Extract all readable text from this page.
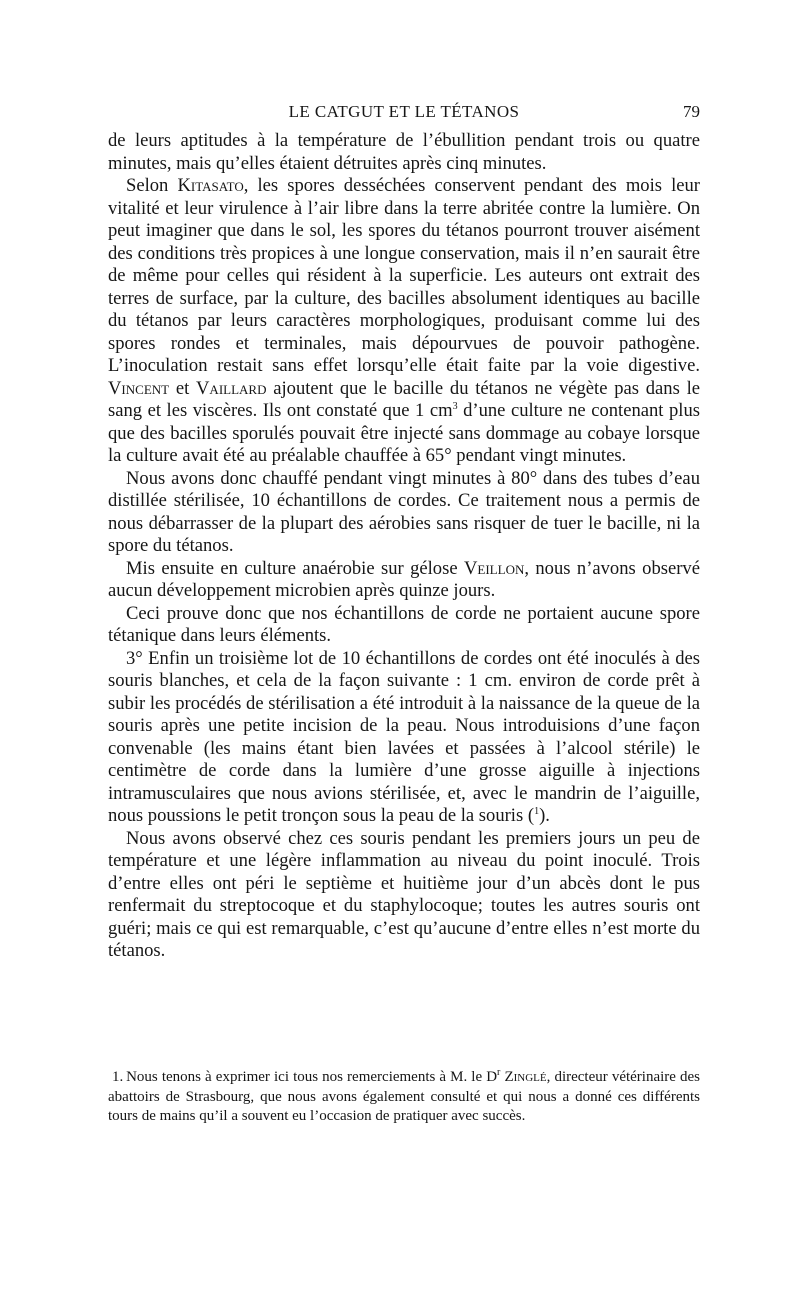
LE CATGUT ET LE TÉTANOS	79

de leurs aptitudes à la température de l’ébullition pendant trois ou quatre minutes, mais qu’elles étaient détruites après cinq minutes.

Selon Kitasato, les spores desséchées conservent pendant des mois leur vitalité et leur virulence à l’air libre dans la terre abritée contre la lumière. On peut imaginer que dans le sol, les spores du tétanos pourront trouver aisément des conditions très propices à une longue conservation, mais il n’en saurait être de même pour celles qui résident à la superficie. Les auteurs ont extrait des terres de surface, par la culture, des bacilles absolument identiques au bacille du tétanos par leurs caractères morphologiques, produisant comme lui des spores rondes et terminales, mais dépourvues de pouvoir pathogène. L’inoculation restait sans effet lorsqu’elle était faite par la voie digestive. Vincent et Vaillard ajoutent que le bacille du tétanos ne végète pas dans le sang et les viscères. Ils ont constaté que 1 $cm^3$ d’une culture ne contenant plus que des bacilles sporulés pouvait être injecté sans dommage au cobaye lorsque la culture avait été au préalable chauffée à 65° pendant vingt minutes.

Nous avons donc chauffé pendant vingt minutes à 80° dans des tubes d’eau distillée stérilisée, 10 échantillons de cordes. Ce traitement nous a permis de nous débarrasser de la plupart des aérobies sans risquer de tuer le bacille, ni la spore du tétanos.

Mis ensuite en culture anaérobie sur gélose Veillon, nous n’avons observé aucun développement microbien après quinze jours.

Ceci prouve donc que nos échantillons de corde ne portaient aucune spore tétanique dans leurs éléments.

3° Enfin un troisième lot de 10 échantillons de cordes ont été inoculés à des souris blanches, et cela de la façon suivante : 1 cm. environ de corde prêt à subir les procédés de stérilisation a été introduit à la naissance de la queue de la souris après une petite incision de la peau. Nous introduisions d’une façon convenable (les mains étant bien lavées et passées à l’alcool stérile) le centimètre de corde dans la lumière d’une grosse aiguille à injections intramusculaires que nous avions stérilisée, et, avec le mandrin de l’aiguille, nous poussions le petit tronçon sous la peau de la souris ($^1$).

Nous avons observé chez ces souris pendant les premiers jours un peu de température et une légère inflammation au niveau du point inoculé. Trois d’entre elles ont péri le septième et huitième jour d’un abcès dont le pus renfermait du streptocoque et du staphylocoque; toutes les autres souris ont guéri; mais ce qui est remarquable, c’est qu’aucune d’entre elles n’est morte du tétanos.

1. Nous tenons à exprimer ici tous nos remerciements à M. le $D^r$ Zinglé, directeur vétérinaire des abattoirs de Strasbourg, que nous avons également consulté et qui nous a donné ces différents tours de mains qu’il a souvent eu l’occasion de pratiquer avec succès.
